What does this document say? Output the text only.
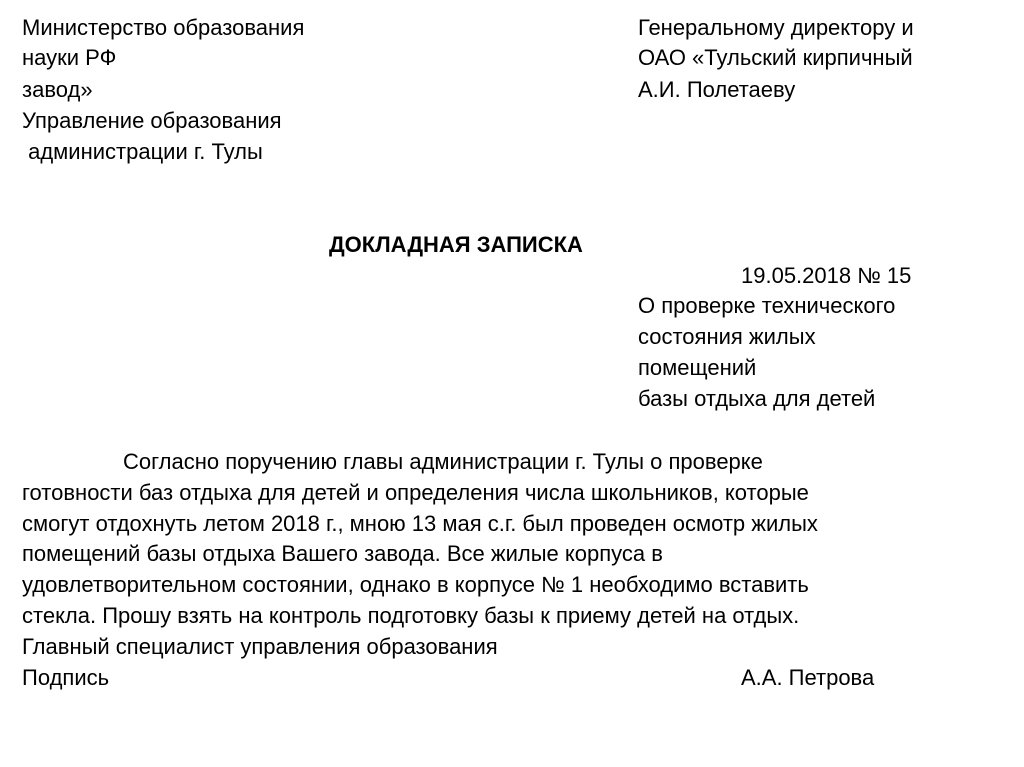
Министерство образования

науки РФ

завод»

Управление образования

администрации г. Тулы

Генеральному директору и

ОАО «Тульский кирпичный

А.И. Полетаеву

ДОКЛАДНАЯ ЗАПИСКА

19.05.2018 № 15

О проверке технического

состояния жилых

помещений

базы отдыха для детей

Согласно поручению главы администрации г. Тулы о проверке

готовности баз отдыха для детей и определения числа школьников, которые

смогут отдохнуть летом 2018 г., мною 13 мая с.г. был проведен осмотр жилых

помещений базы отдыха Вашего завода. Все жилые корпуса в

удовлетворительном состоянии, однако в корпусе № 1 необходимо вставить

стекла. Прошу взять на контроль подготовку базы к приему детей на отдых.

Главный специалист управления образования

Подпись	А.А. Петрова
